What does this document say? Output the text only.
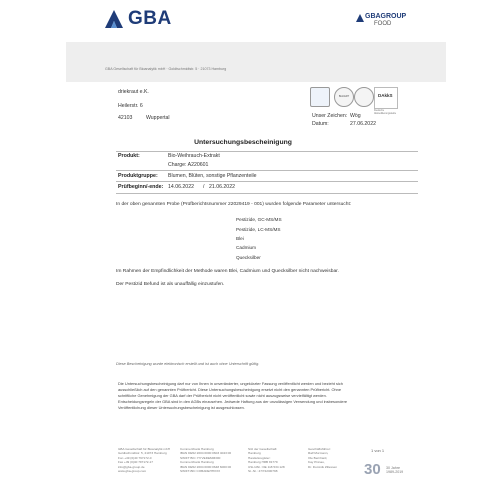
GBA	GBAGROUP
FOOD
GBA Gesellschaft für Bioanalytik mbH · Goldtschmidtstr. 5 · 21073 Hamburg
driekraut e.K.
Heilerstr. 6
42103	Wuppertal
BioCERT	DAkkS
Deutsche Akkreditierungsstelle
Unser Zeichen: Wög
Datum:	27.06.2022
Untersuchungsbescheinigung
Produkt:	Bio-Weihrauch-Extrakt
Charge: A220601
Produktgruppe: Blumen, Blüten, sonstige Pflanzenteile
Prüfbeginn/-ende: 14.06.2022 / 21.06.2022
In der oben genannten Probe (Prüfberichtsnummer 22029419 - 001) wurden folgende Parameter untersucht:
Pestizide, GC-MS/MS
Pestizide, LC-MS/MS
Blei
Cadmium
Quecksilber
Im Rahmen der Empfindlichkeit der Methode waren Blei, Cadmium und Quecksilber nicht nachweisbar.
Der Pestizid Befund ist als unauffällig einzustufen.
Diese Bescheinigung wurde elektronisch erstellt und ist auch ohne Unterschrift gültig.
Die Untersuchungsbescheinigung darf nur von Ihnen in unveränderter, ungekürzter Fassung veröffentlicht werden und bezieht sich
ausschließlich auf den genannten Prüfbericht. Diese Untersuchungsbescheinigung ersetzt nicht den genannten Prüfbericht. Ohne
schriftliche Genehmigung der GBA darf der Prüfbericht nicht veröffentlicht sowie nicht auszugsweise vervielfältigt werden.
Entscheidungsregeln der GBA sind in den AGBs einzusehen. Jedwede Haftung aus der unzulässigen Verwendung und insbesondere
Veröffentlichung dieser Untersuchungsbescheinigung ist ausgeschlossen.
GBA Gesellschaft für Bioanalytik mbH
Goldtschmidtstr. 5, 21073 Hamburg
Fon +49 (0)40 797172-0
Fax +49 (0)40 797172-17
info@gba-group.de
www.gba-group.com
Commerzbank Hamburg
IBAN DE52 2004 0000 0603 4043 00
SWIFT BIC: HYVEDEMM300
Commerzbank Hamburg
IBAN DE52 2004 0000 0648 6000 00
SWIFT-BIC COBADEHHXXX
Sitz der Gesellschaft:
Hamburg
Handelsregister:
Hamburg HRB 81779
USt-IdNr.: DE 118 534 128
St.-Nr.: 47/722/00798
Geschäftsführer:
Ralf Murmann,
Ole Bernhard,
Kay Pinnau,
Dr. Dominik Zillessen
1 von 1
30 30 Jahre
1989-2019
